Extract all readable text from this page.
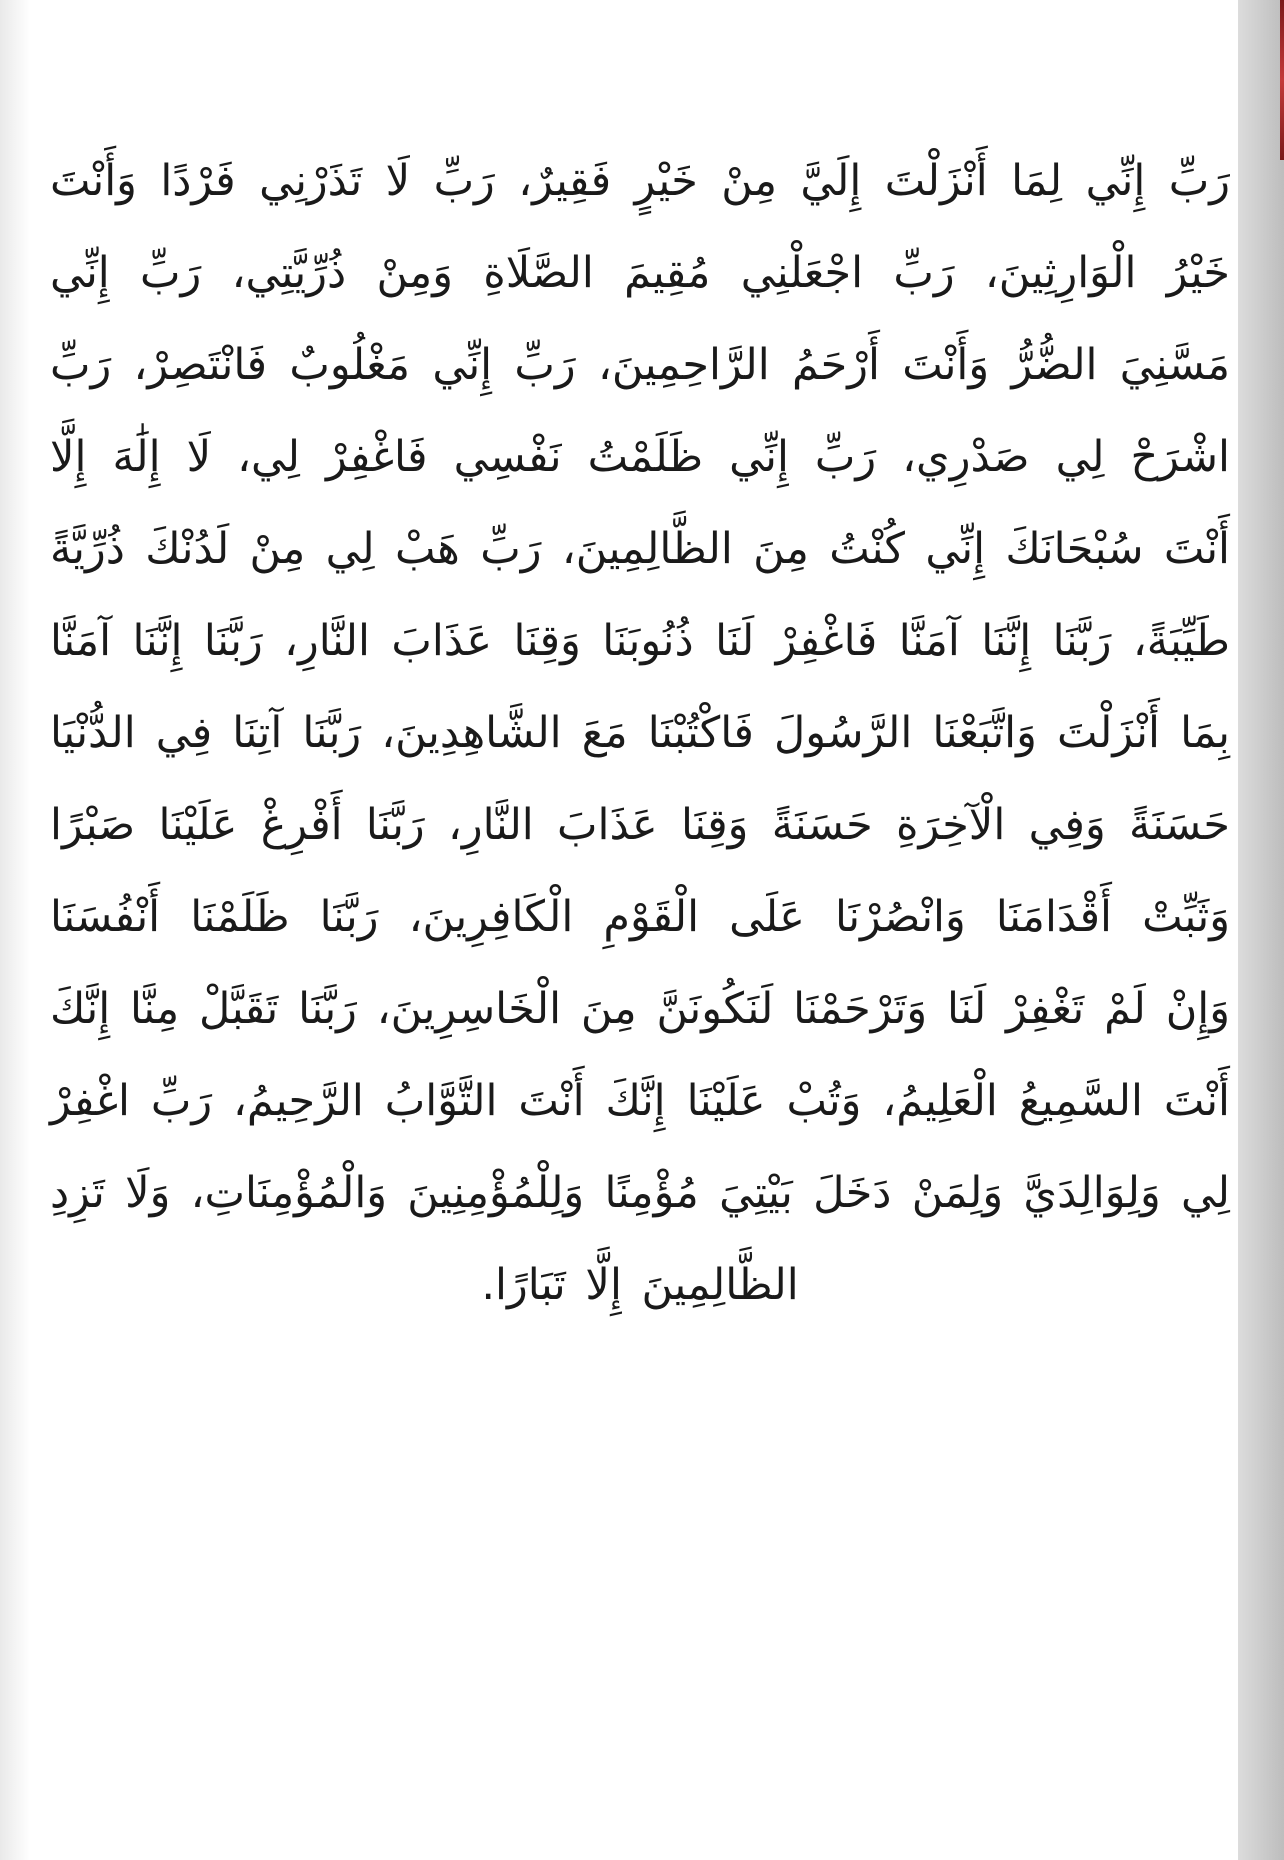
رَبِّ إِنِّي لِمَا أَنْزَلْتَ إِلَيَّ مِنْ خَيْرٍ فَقِيرٌ، رَبِّ لَا تَذَرْنِي فَرْدًا وَأَنْتَ خَيْرُ الْوَارِثِينَ، رَبِّ اجْعَلْنِي مُقِيمَ الصَّلَاةِ وَمِنْ ذُرِّيَّتِي، رَبِّ إِنِّي مَسَّنِيَ الضُّرُّ وَأَنْتَ أَرْحَمُ الرَّاحِمِينَ، رَبِّ إِنِّي مَغْلُوبٌ فَانْتَصِرْ، رَبِّ اشْرَحْ لِي صَدْرِي، رَبِّ إِنِّي ظَلَمْتُ نَفْسِي فَاغْفِرْ لِي، لَا إِلَٰهَ إِلَّا أَنْتَ سُبْحَانَكَ إِنِّي كُنْتُ مِنَ الظَّالِمِينَ، رَبِّ هَبْ لِي مِنْ لَدُنْكَ ذُرِّيَّةً طَيِّبَةً، رَبَّنَا إِنَّنَا آمَنَّا فَاغْفِرْ لَنَا ذُنُوبَنَا وَقِنَا عَذَابَ النَّارِ، رَبَّنَا إِنَّنَا آمَنَّا بِمَا أَنْزَلْتَ وَاتَّبَعْنَا الرَّسُولَ فَاكْتُبْنَا مَعَ الشَّاهِدِينَ، رَبَّنَا آتِنَا فِي الدُّنْيَا حَسَنَةً وَفِي الْآخِرَةِ حَسَنَةً وَقِنَا عَذَابَ النَّارِ، رَبَّنَا أَفْرِغْ عَلَيْنَا صَبْرًا وَثَبِّتْ أَقْدَامَنَا وَانْصُرْنَا عَلَى الْقَوْمِ الْكَافِرِينَ، رَبَّنَا ظَلَمْنَا أَنْفُسَنَا وَإِنْ لَمْ تَغْفِرْ لَنَا وَتَرْحَمْنَا لَنَكُونَنَّ مِنَ الْخَاسِرِينَ، رَبَّنَا تَقَبَّلْ مِنَّا إِنَّكَ أَنْتَ السَّمِيعُ الْعَلِيمُ، وَتُبْ عَلَيْنَا إِنَّكَ أَنْتَ التَّوَّابُ الرَّحِيمُ، رَبِّ اغْفِرْ لِي وَلِوَالِدَيَّ وَلِمَنْ دَخَلَ بَيْتِيَ مُؤْمِنًا وَلِلْمُؤْمِنِينَ وَالْمُؤْمِنَاتِ، وَلَا تَزِدِ الظَّالِمِينَ إِلَّا تَبَارًا.
